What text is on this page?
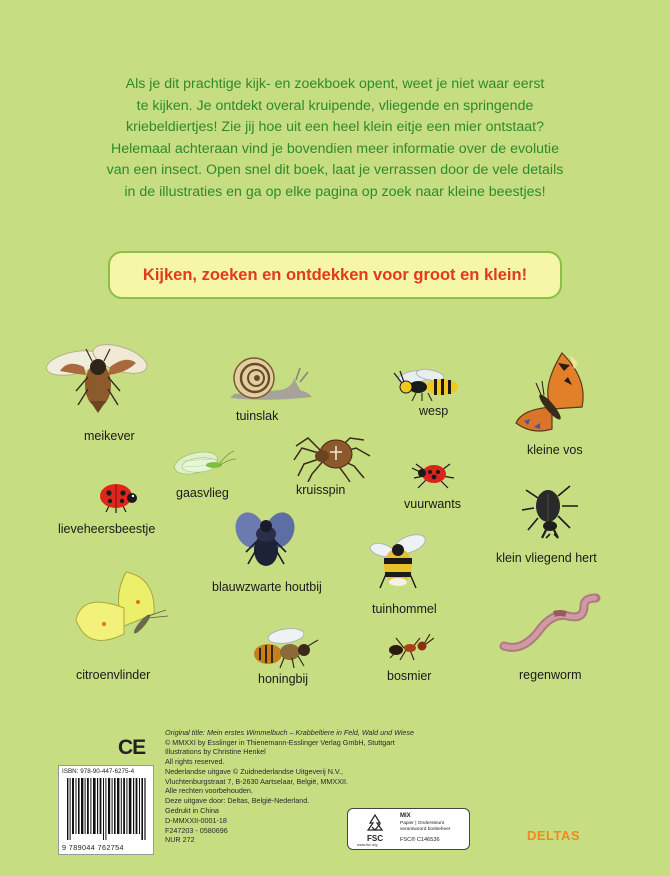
Als je dit prachtige kijk- en zoekboek opent, weet je niet waar eerst
te kijken. Je ontdekt overal kruipende, vliegende en springende
kriebeldiertjes! Zie jij hoe uit een heel klein eitje een mier ontstaat?
Helemaal achteraan vind je bovendien meer informatie over de evolutie
van een insect. Open snel dit boek, laat je verrassen door de vele details
in de illustraties en ga op elke pagina op zoek naar kleine beestjes!

Kijken, zoeken en ontdekken voor groot en klein!
meikever
tuinslak	wesp
kleine vos
gaasvlieg	kruisspin
vuurwants
lieveheersbeestje
blauwzwarte houtbij
tuinhommel
klein vliegend hert
citroenvlinder	honingbij	bosmier	regenworm
CE
ISBN: 978-90-447-6275-4
9 789044 762754
Original title: Mein erstes Wimmelbuch – Krabbeltiere in Feld, Wald und Wiese
© MMXXI by Esslinger in Thienemann-Esslinger Verlag GmbH, Stuttgart
Illustrations by Christine Henkel
All rights reserved.
Nederlandse uitgave © Zuidnederlandse Uitgeverij N.V.,
Vluchtenburgstraat 7, B-2630 Aartselaar, België, MMXXII.
Alle rechten voorbehouden.
Deze uitgave door: Deltas, België-Nederland.
Gedrukt in China
D-MMXXII-0001-18
F247203 - 0580696
NUR 272	FSC
www.fsc.org
MIX
Papier | Ondersteunt verantwoord bosbeheer
FSC® C146536	DELTAS
